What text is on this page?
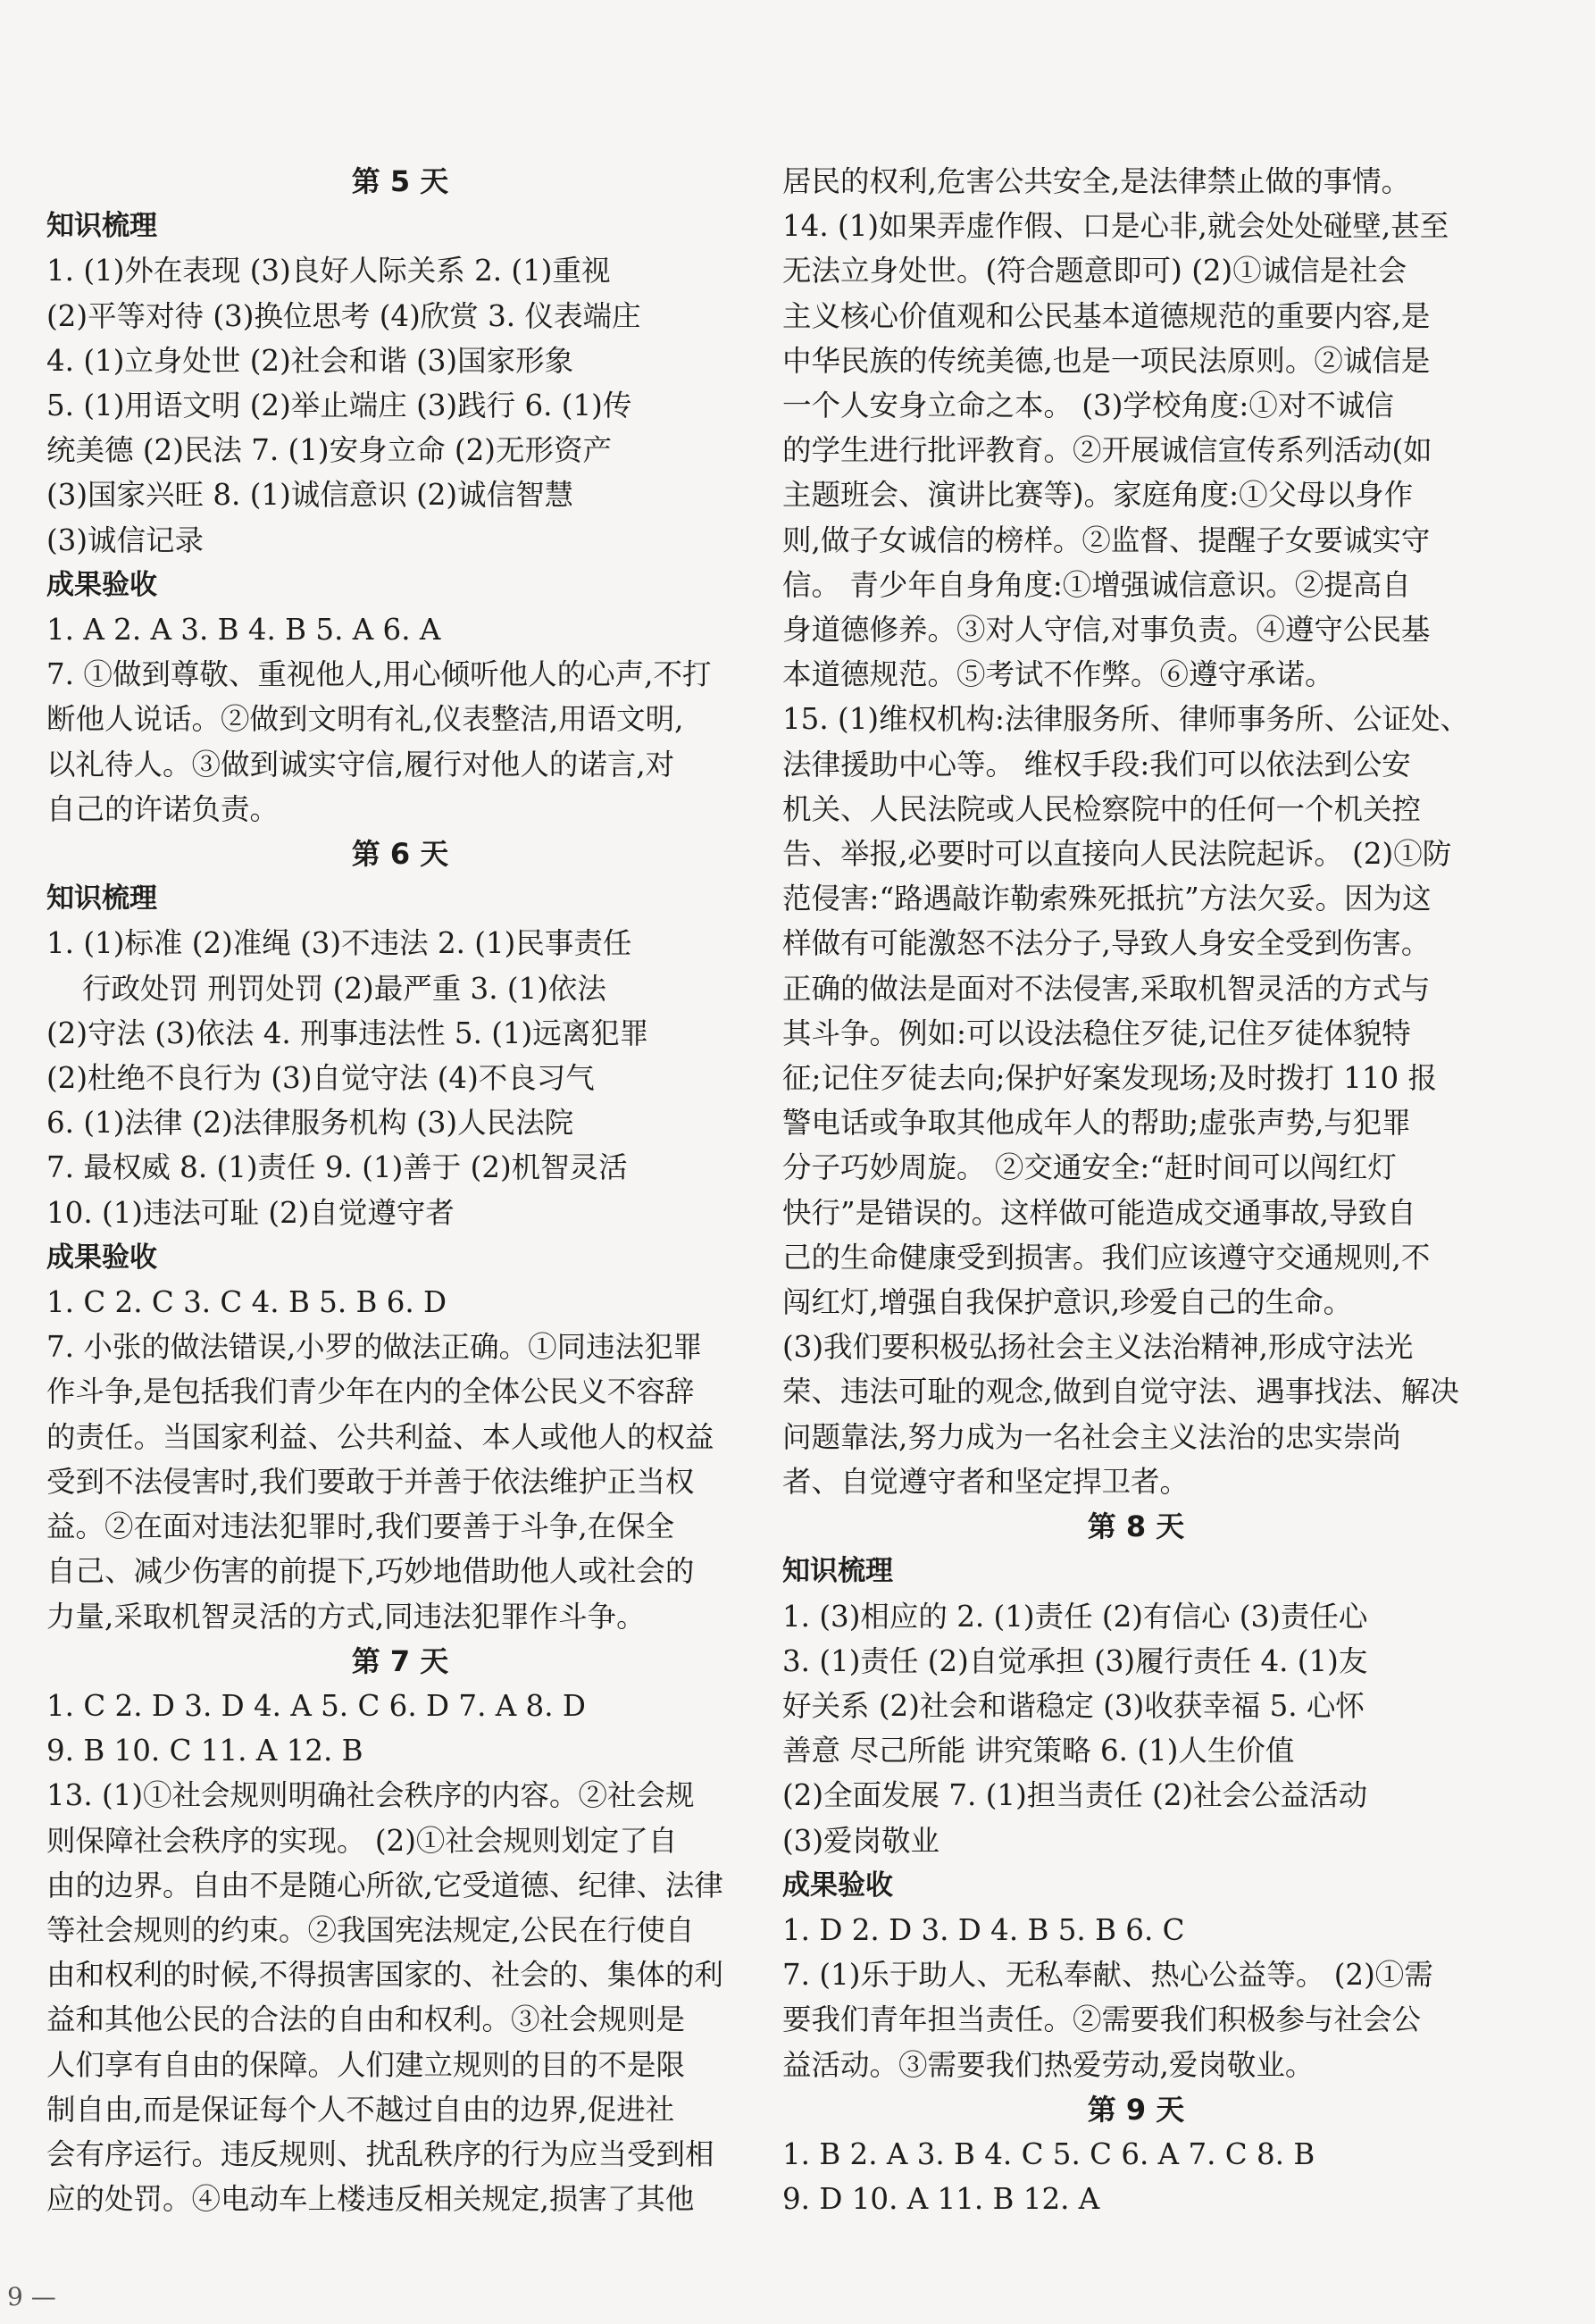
第 5 天
知识梳理
1. (1)外在表现 (3)良好人际关系 2. (1)重视
(2)平等对待 (3)换位思考 (4)欣赏 3. 仪表端庄
4. (1)立身处世 (2)社会和谐 (3)国家形象
5. (1)用语文明 (2)举止端庄 (3)践行 6. (1)传
统美德 (2)民法 7. (1)安身立命 (2)无形资产
(3)国家兴旺 8. (1)诚信意识 (2)诚信智慧
(3)诚信记录
成果验收
1. A 2. A 3. B 4. B 5. A 6. A
7. ①做到尊敬、重视他人,用心倾听他人的心声,不打
断他人说话。②做到文明有礼,仪表整洁,用语文明,
以礼待人。③做到诚实守信,履行对他人的诺言,对
自己的许诺负责。
第 6 天
知识梳理
1. (1)标准 (2)准绳 (3)不违法 2. (1)民事责任
行政处罚 刑罚处罚 (2)最严重 3. (1)依法
(2)守法 (3)依法 4. 刑事违法性 5. (1)远离犯罪
(2)杜绝不良行为 (3)自觉守法 (4)不良习气
6. (1)法律 (2)法律服务机构 (3)人民法院
7. 最权威 8. (1)责任 9. (1)善于 (2)机智灵活
10. (1)违法可耻 (2)自觉遵守者
成果验收
1. C 2. C 3. C 4. B 5. B 6. D
7. 小张的做法错误,小罗的做法正确。①同违法犯罪
作斗争,是包括我们青少年在内的全体公民义不容辞
的责任。当国家利益、公共利益、本人或他人的权益
受到不法侵害时,我们要敢于并善于依法维护正当权
益。②在面对违法犯罪时,我们要善于斗争,在保全
自己、减少伤害的前提下,巧妙地借助他人或社会的
力量,采取机智灵活的方式,同违法犯罪作斗争。
第 7 天
1. C 2. D 3. D 4. A 5. C 6. D 7. A 8. D
9. B 10. C 11. A 12. B
13. (1)①社会规则明确社会秩序的内容。②社会规
则保障社会秩序的实现。 (2)①社会规则划定了自
由的边界。自由不是随心所欲,它受道德、纪律、法律
等社会规则的约束。②我国宪法规定,公民在行使自
由和权利的时候,不得损害国家的、社会的、集体的利
益和其他公民的合法的自由和权利。③社会规则是
人们享有自由的保障。人们建立规则的目的不是限
制自由,而是保证每个人不越过自由的边界,促进社
会有序运行。违反规则、扰乱秩序的行为应当受到相
应的处罚。④电动车上楼违反相关规定,损害了其他
居民的权利,危害公共安全,是法律禁止做的事情。
14. (1)如果弄虚作假、口是心非,就会处处碰壁,甚至
无法立身处世。(符合题意即可) (2)①诚信是社会
主义核心价值观和公民基本道德规范的重要内容,是
中华民族的传统美德,也是一项民法原则。②诚信是
一个人安身立命之本。 (3)学校角度:①对不诚信
的学生进行批评教育。②开展诚信宣传系列活动(如
主题班会、演讲比赛等)。家庭角度:①父母以身作
则,做子女诚信的榜样。②监督、提醒子女要诚实守
信。 青少年自身角度:①增强诚信意识。②提高自
身道德修养。③对人守信,对事负责。④遵守公民基
本道德规范。⑤考试不作弊。⑥遵守承诺。
15. (1)维权机构:法律服务所、律师事务所、公证处、
法律援助中心等。 维权手段:我们可以依法到公安
机关、人民法院或人民检察院中的任何一个机关控
告、举报,必要时可以直接向人民法院起诉。 (2)①防
范侵害:“路遇敲诈勒索殊死抵抗”方法欠妥。因为这
样做有可能激怒不法分子,导致人身安全受到伤害。
正确的做法是面对不法侵害,采取机智灵活的方式与
其斗争。例如:可以设法稳住歹徒,记住歹徒体貌特
征;记住歹徒去向;保护好案发现场;及时拨打 110 报
警电话或争取其他成年人的帮助;虚张声势,与犯罪
分子巧妙周旋。 ②交通安全:“赶时间可以闯红灯
快行”是错误的。这样做可能造成交通事故,导致自
己的生命健康受到损害。我们应该遵守交通规则,不
闯红灯,增强自我保护意识,珍爱自己的生命。
(3)我们要积极弘扬社会主义法治精神,形成守法光
荣、违法可耻的观念,做到自觉守法、遇事找法、解决
问题靠法,努力成为一名社会主义法治的忠实崇尚
者、自觉遵守者和坚定捍卫者。
第 8 天
知识梳理
1. (3)相应的 2. (1)责任 (2)有信心 (3)责任心
3. (1)责任 (2)自觉承担 (3)履行责任 4. (1)友
好关系 (2)社会和谐稳定 (3)收获幸福 5. 心怀
善意 尽己所能 讲究策略 6. (1)人生价值
(2)全面发展 7. (1)担当责任 (2)社会公益活动
(3)爱岗敬业
成果验收
1. D 2. D 3. D 4. B 5. B 6. C
7. (1)乐于助人、无私奉献、热心公益等。 (2)①需
要我们青年担当责任。②需要我们积极参与社会公
益活动。③需要我们热爱劳动,爱岗敬业。
第 9 天
1. B 2. A 3. B 4. C 5. C 6. A 7. C 8. B
9. D 10. A 11. B 12. A
9 —
